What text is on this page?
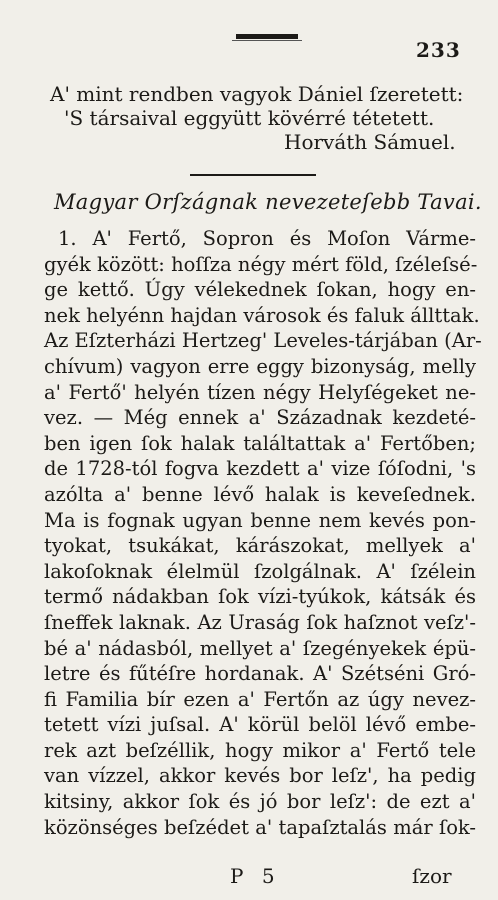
233
A' mint rendben vagyok Dániel ſzeretett:
'S társaival eggyütt kövérré tétetett.
Horváth Sámuel.
Magyar Orſzágnak nevezeteſebb Tavai.
1. A' Fertő, Sopron és Moſon Várme-
gyék között: hoſſza négy mért föld, ſzéleſsé-
ge kettő. Úgy vélekednek ſokan, hogy en-
nek helyénn hajdan városok és faluk állttak.
Az Eſzterházi Hertzeg' Leveles-tárjában (Ar-
chívum) vagyon erre eggy bizonyság, melly
a' Fertő' helyén tízen négy Helyſégeket ne-
vez. — Még ennek a' Századnak kezdeté-
ben igen ſok halak találtattak a' Fertőben;
de 1728-tól fogva kezdett a' vize ſóſodni, 's
azólta a' benne lévő halak is keveſednek.
Ma is fognak ugyan benne nem kevés pon-
tyokat, tsukákat, kárászokat, mellyek a'
lakoſoknak élelmül ſzolgálnak. A' ſzélein
termő nádakban ſok vízi-tyúkok, kátsák és
ſneffek laknak. Az Uraság ſok haſznot veſz'-
bé a' nádasból, mellyet a' ſzegényekek épü-
letre és fűtéſre hordanak. A' Szétséni Gró-
fi Familia bír ezen a' Fertőn az úgy nevez-
tetett vízi juſsal. A' körül belöl lévő embe-
rek azt beſzéllik, hogy mikor a' Fertő tele
van vízzel, akkor kevés bor leſz', ha pedig
kitsiny, akkor ſok és jó bor leſz': de ezt a'
közönséges beſzédet a' tapaſztalás már ſok-
P 5	ſzor
